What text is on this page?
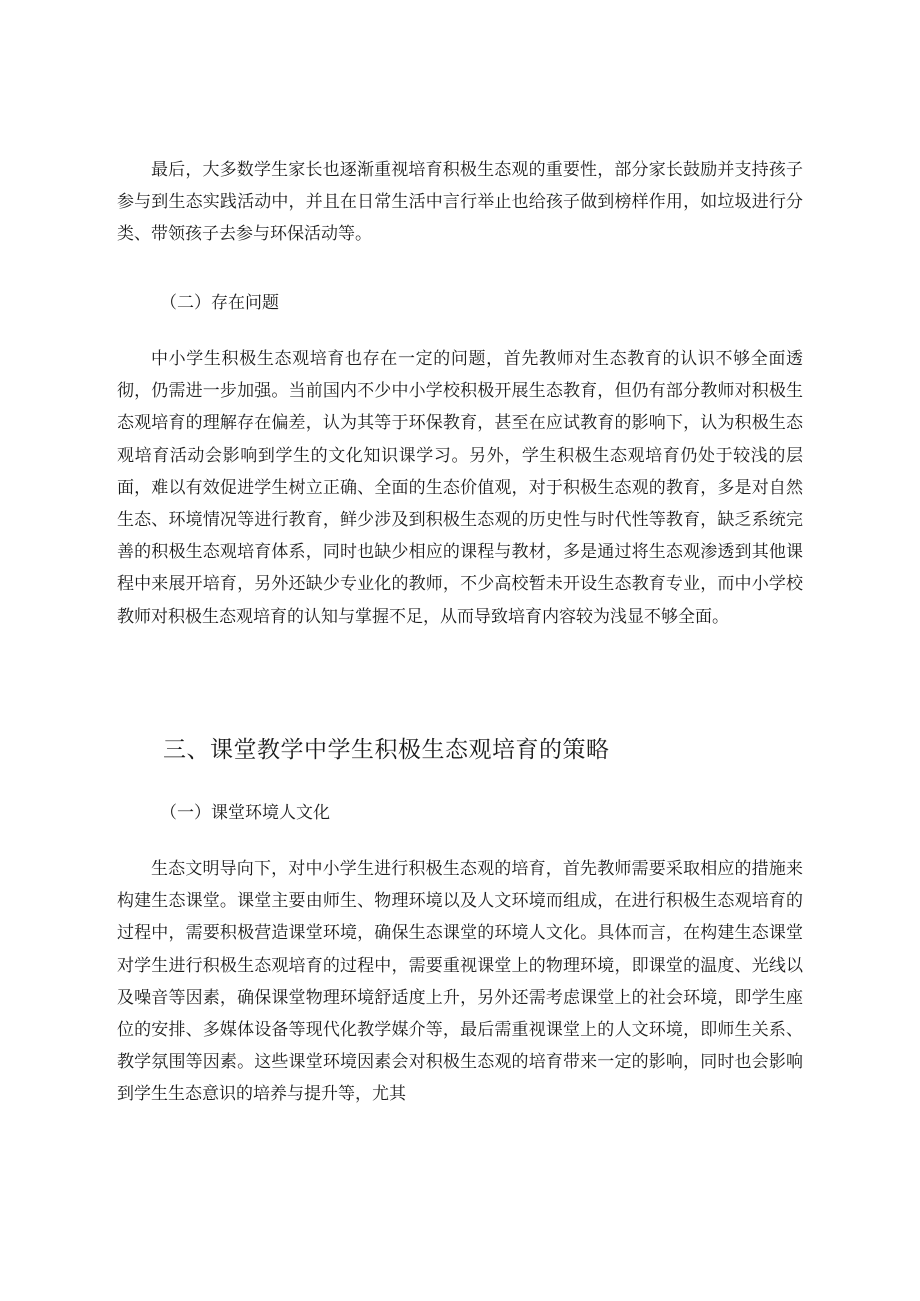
最后，大多数学生家长也逐渐重视培育积极生态观的重要性，部分家长鼓励并支持孩子参与到生态实践活动中，并且在日常生活中言行举止也给孩子做到榜样作用，如垃圾进行分类、带领孩子去参与环保活动等。

（二）存在问题

中小学生积极生态观培育也存在一定的问题，首先教师对生态教育的认识不够全面透彻，仍需进一步加强。当前国内不少中小学校积极开展生态教育，但仍有部分教师对积极生态观培育的理解存在偏差，认为其等于环保教育，甚至在应试教育的影响下，认为积极生态观培育活动会影响到学生的文化知识课学习。另外，学生积极生态观培育仍处于较浅的层面，难以有效促进学生树立正确、全面的生态价值观，对于积极生态观的教育，多是对自然生态、环境情况等进行教育，鲜少涉及到积极生态观的历史性与时代性等教育，缺乏系统完善的积极生态观培育体系，同时也缺少相应的课程与教材，多是通过将生态观渗透到其他课程中来展开培育，另外还缺少专业化的教师，不少高校暂未开设生态教育专业，而中小学校教师对积极生态观培育的认知与掌握不足，从而导致培育内容较为浅显不够全面。

三、课堂教学中学生积极生态观培育的策略

（一）课堂环境人文化

生态文明导向下，对中小学生进行积极生态观的培育，首先教师需要采取相应的措施来构建生态课堂。课堂主要由师生、物理环境以及人文环境而组成，在进行积极生态观培育的过程中，需要积极营造课堂环境，确保生态课堂的环境人文化。具体而言，在构建生态课堂对学生进行积极生态观培育的过程中，需要重视课堂上的物理环境，即课堂的温度、光线以及噪音等因素，确保课堂物理环境舒适度上升，另外还需考虑课堂上的社会环境，即学生座位的安排、多媒体设备等现代化教学媒介等，最后需重视课堂上的人文环境，即师生关系、教学氛围等因素。这些课堂环境因素会对积极生态观的培育带来一定的影响，同时也会影响到学生生态意识的培养与提升等，尤其
